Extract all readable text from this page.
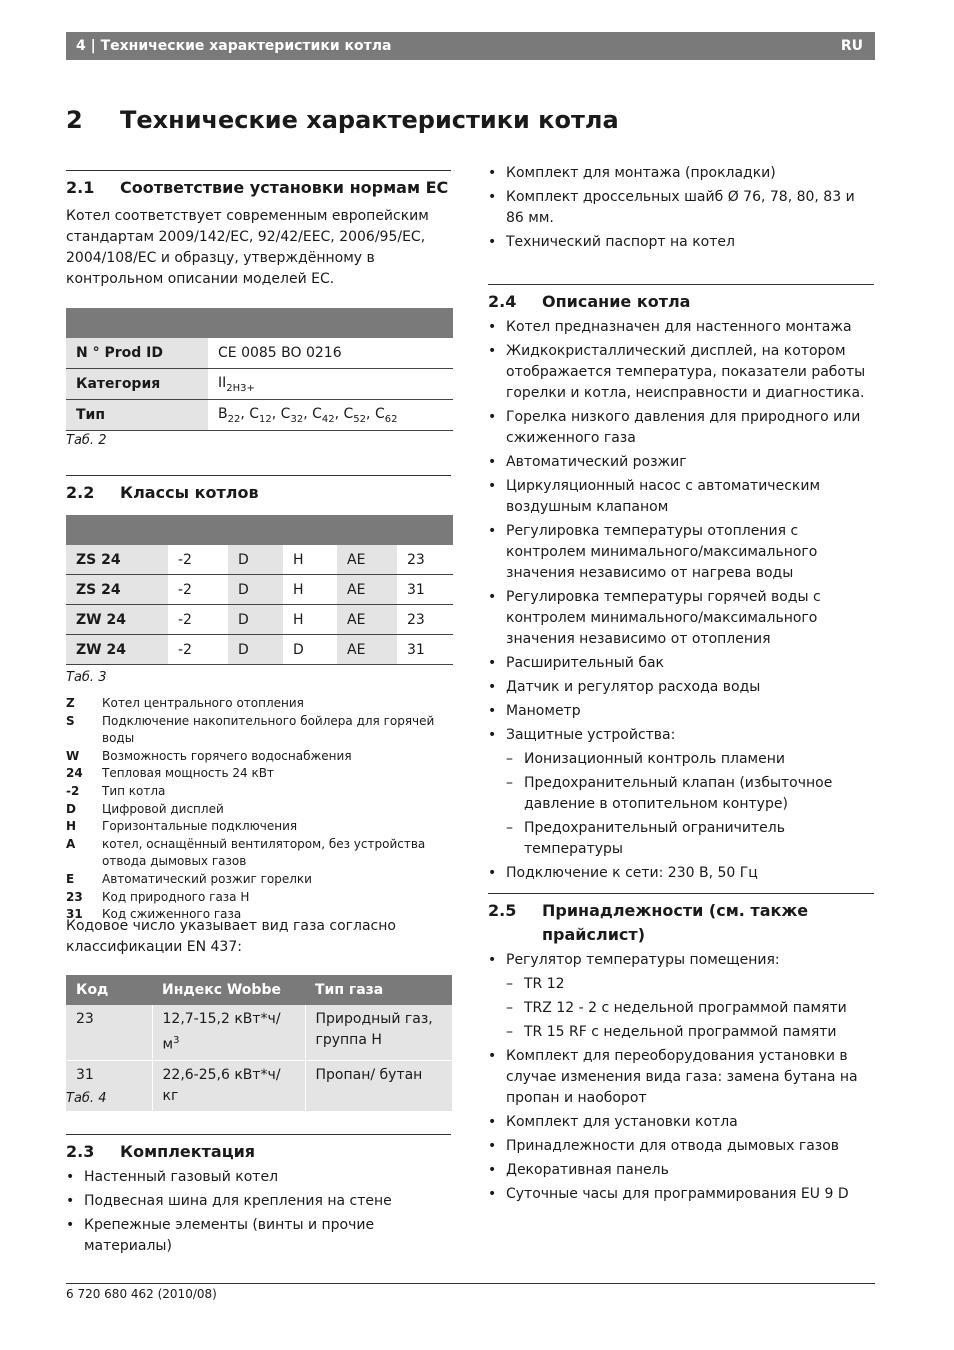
4 | Технические характеристики котла	RU
2 Технические характеристики котла
2.1 Соответствие установки нормам ЕС
Котел соответствует современным европейским стандартам 2009/142/EC, 92/42/EEC, 2006/95/EC, 2004/108/EC и образцу, утверждённому в контрольном описании моделей ЕС.
N ° Prod ID	CE 0085 BO 0216
Категория	$II_{2H3+}$
Тип	$B_{22}$, $C_{12}$, $C_{32}$, $C_{42}$, $C_{52}$, $C_{62}$
Таб. 2
2.2 Классы котлов
ZS 24	-2	D	H	AE	23
ZS 24	-2	D	H	AE	31
ZW 24	-2	D	H	AE	23
ZW 24	-2	D	D	AE	31
Таб. 3
Z Котел центрального отопления
S Подключение накопительного бойлера для горячей воды
W Возможность горячего водоснабжения
24 Тепловая мощность 24 кВт
-2 Тип котла
D Цифровой дисплей
H Горизонтальные подключения
A котел, оснащённый вентилятором, без устройства отвода дымовых газов
E Автоматический розжиг горелки
23 Код природного газа H
31 Код сжиженного газа
Кодовое число указывает вид газа согласно классификации EN 437:
Код	Индекс Wobbe	Тип газа
23	12,7-15,2 $кВт*ч/м^3$	Природный газ, группа H
31	22,6-25,6 кВт*ч/кг	Пропан/ бутан
Таб. 4
2.3 Комплектация
• Настенный газовый котел
• Подвесная шина для крепления на стене
• Крепежные элементы (винты и прочие материалы)
• Комплект для монтажа (прокладки)
• Комплект дроссельных шайб Ø 76, 78, 80, 83 и 86 мм.
• Технический паспорт на котел
2.4 Описание котла
• Котел предназначен для настенного монтажа
• Жидкокристаллический дисплей, на котором отображается температура, показатели работы горелки и котла, неисправности и диагностика.
• Горелка низкого давления для природного или сжиженного газа
• Автоматический розжиг
• Циркуляционный насос с автоматическим воздушным клапаном
• Регулировка температуры отопления с контролем минимального/максимального значения независимо от нагрева воды
• Регулировка температуры горячей воды с контролем минимального/максимального значения независимо от отопления
• Расширительный бак
• Датчик и регулятор расхода воды
• Манометр
• Защитные устройства:
– Ионизационный контроль пламени
– Предохранительный клапан (избыточное давление в отопительном контуре)
– Предохранительный ограничитель температуры
• Подключение к сети: 230 В, 50 Гц
2.5 Принадлежности (см. также
прайслист)
• Регулятор температуры помещения:
– TR 12
– TRZ 12 - 2 с недельной программой памяти
– TR 15 RF с недельной программой памяти
• Комплект для переоборудования установки в случае изменения вида газа: замена бутана на пропан и наоборот
• Комплект для установки котла
• Принадлежности для отвода дымовых газов
• Декоративная панель
• Суточные часы для программирования EU 9 D
6 720 680 462 (2010/08)
